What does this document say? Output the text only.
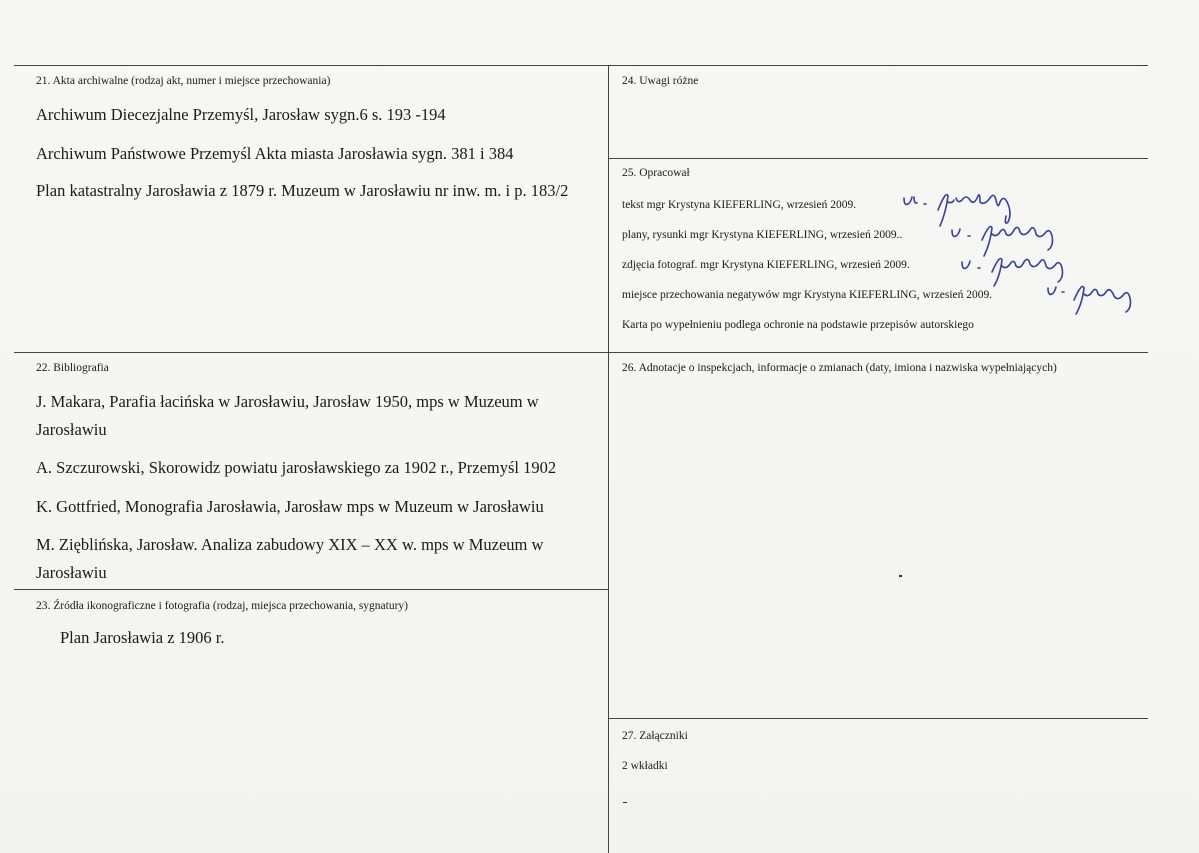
21. Akta archiwalne (rodzaj akt, numer i miejsce przechowania)
Archiwum Diecezjalne Przemyśl, Jarosław sygn.6 s. 193 -194
Archiwum Państwowe Przemyśl Akta miasta Jarosławia sygn. 381 i 384
Plan katastralny Jarosławia z 1879 r. Muzeum w Jarosławiu nr inw. m. i p. 183/2
22. Bibliografia
J. Makara, Parafia łacińska w Jarosławiu, Jarosław 1950, mps w Muzeum w Jarosławiu
A. Szczurowski, Skorowidz powiatu jarosławskiego za 1902 r., Przemyśl 1902
K. Gottfried, Monografia Jarosławia, Jarosław mps w Muzeum w Jarosławiu
M. Zięblińska, Jarosław. Analiza zabudowy XIX – XX w. mps w Muzeum w Jarosławiu
23. Źródła ikonograficzne i fotografia (rodzaj, miejsca przechowania, sygnatury)
Plan Jarosławia z 1906 r.
24. Uwagi różne
25. Opracował
tekst mgr Krystyna KIEFERLING, wrzesień 2009.
plany, rysunki mgr Krystyna KIEFERLING, wrzesień 2009..
zdjęcia fotograf. mgr Krystyna KIEFERLING, wrzesień 2009.
miejsce przechowania negatywów mgr Krystyna KIEFERLING, wrzesień 2009.
Karta po wypełnieniu podlega ochronie na podstawie przepisów autorskiego
26. Adnotacje o inspekcjach, informacje o zmianach (daty, imiona i nazwiska wypełniających)
27. Załączniki
2 wkładki
